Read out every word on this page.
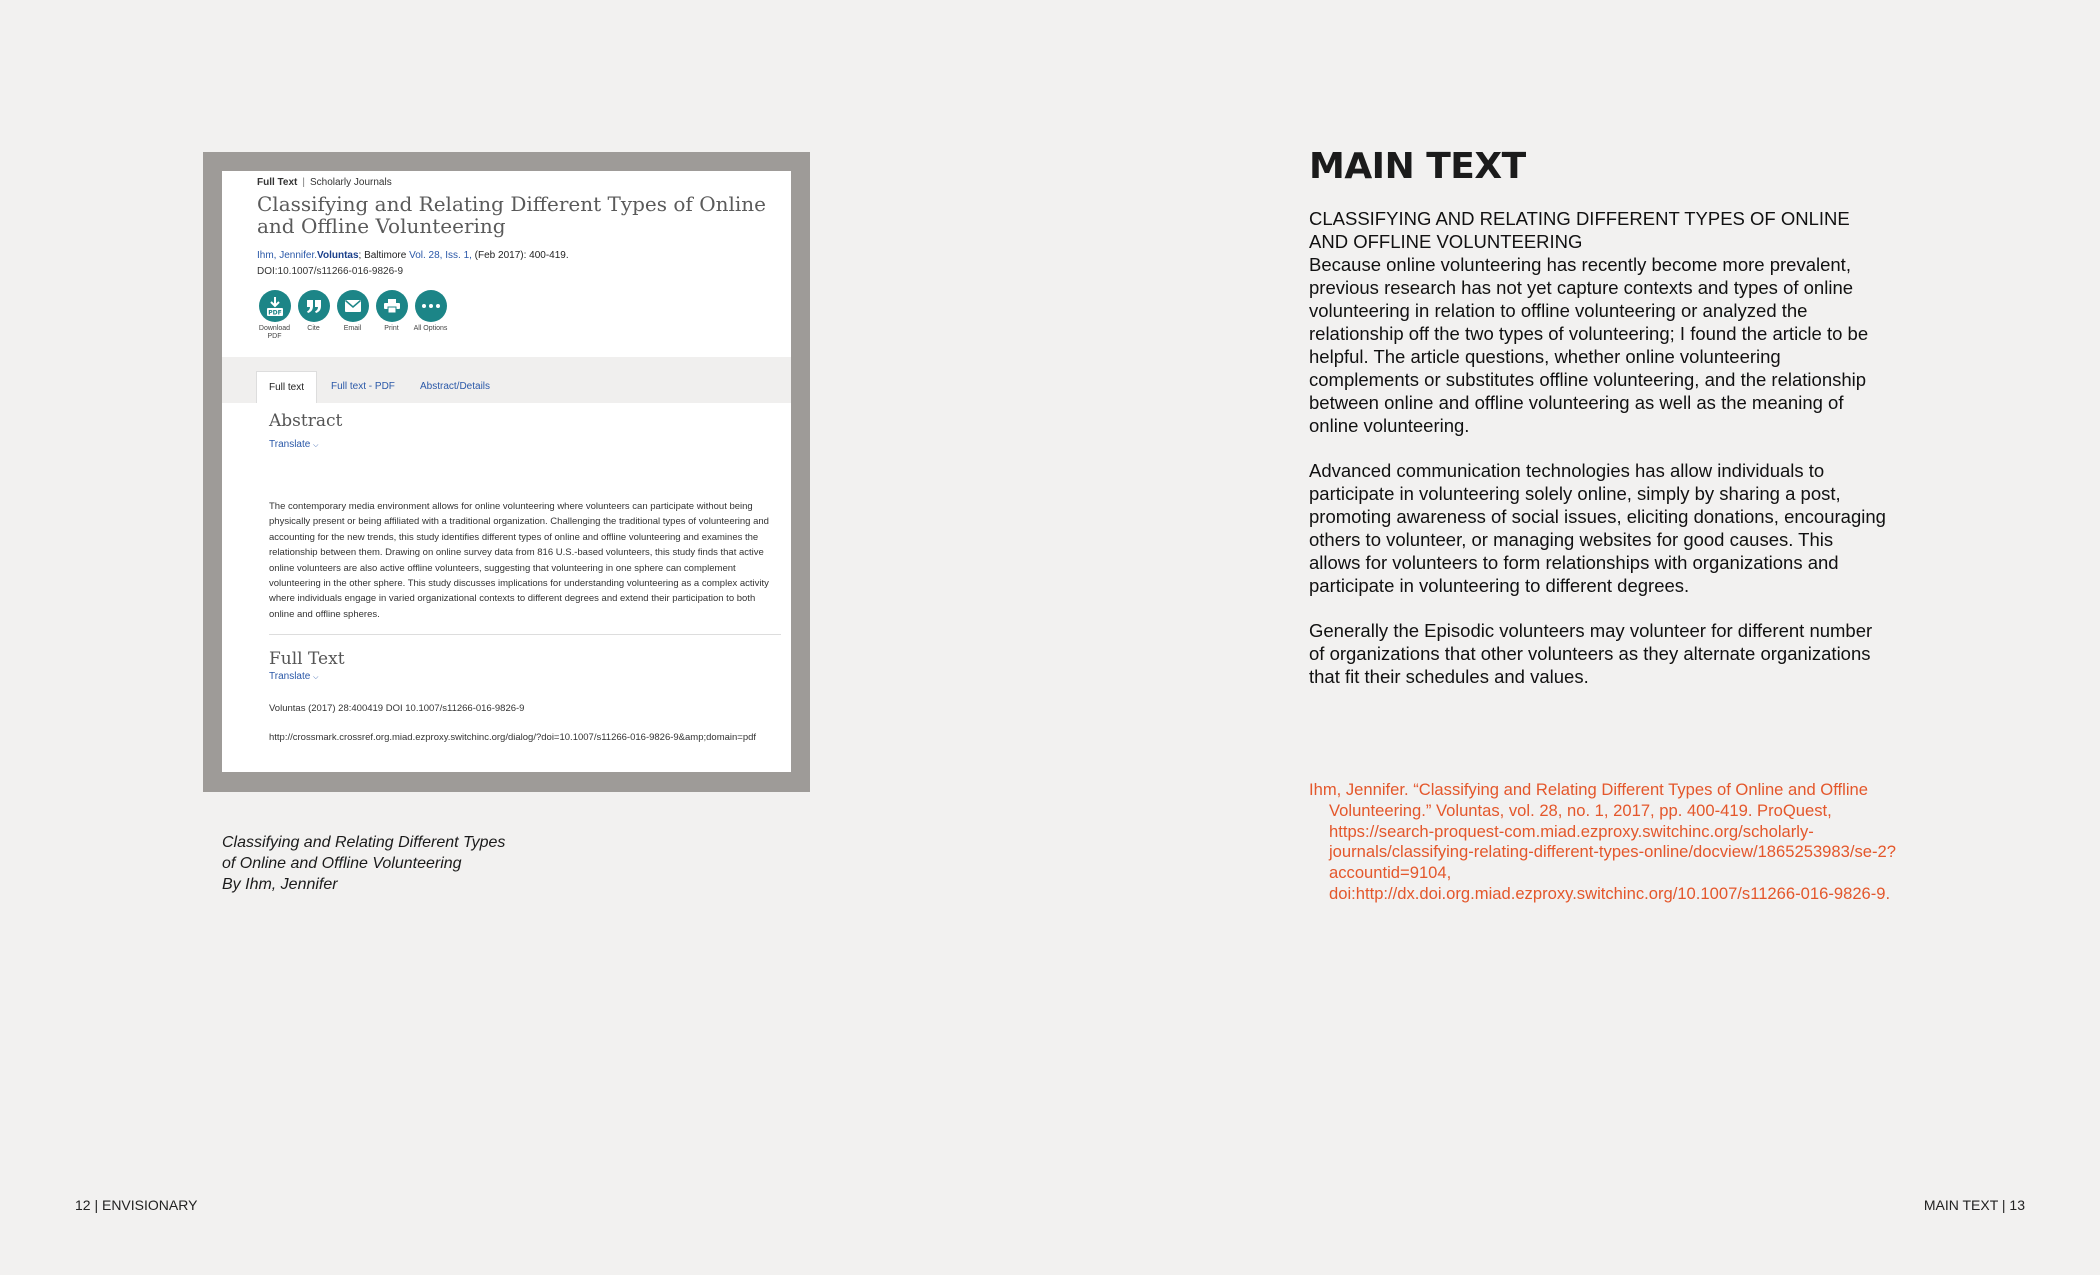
Full Text | Scholarly Journals
Classifying and Relating Different Types of Online and Offline Volunteering
Ihm, Jennifer.Voluntas; Baltimore Vol. 28, Iss. 1, (Feb 2017): 400-419.
DOI:10.1007/s11266-016-9826-9
PDF
Download PDF
Cite	Email	Print	All Options
Full text	Full text - PDF	Abstract/Details
Abstract
Translate ⌵
The contemporary media environment allows for online volunteering where volunteers can participate without being physically present or being affiliated with a traditional organization. Challenging the traditional types of volunteering and accounting for the new trends, this study identifies different types of online and offline volunteering and examines the relationship between them. Drawing on online survey data from 816 U.S.-based volunteers, this study finds that active online volunteers are also active offline volunteers, suggesting that volunteering in one sphere can complement volunteering in the other sphere. This study discusses implications for understanding volunteering as a complex activity where individuals engage in varied organizational contexts to different degrees and extend their participation to both online and offline spheres.
Full Text
Translate ⌵
Voluntas (2017) 28:400419 DOI 10.1007/s11266-016-9826-9
http://crossmark.crossref.org.miad.ezproxy.switchinc.org/dialog/?doi=10.1007/s11266-016-9826-9&amp;domain=pdf
Classifying and Relating Different Types
of Online and Offline Volunteering
By Ihm, Jennifer
MAIN TEXT
CLASSIFYING AND RELATING DIFFERENT TYPES OF ONLINE AND OFFLINE VOLUNTEERING
Because online volunteering has recently become more prevalent, previous research has not yet capture contexts and types of online volunteering in relation to offline volunteering or analyzed the relationship off the two types of volunteering; I found the article to be helpful. The article questions, whether online volunteering complements or substitutes offline volunteering, and the relationship between online and offline volunteering as well as the meaning of online volunteering.
Advanced communication technologies has allow individuals to participate in volunteering solely online, simply by sharing a post, promoting awareness of social issues, eliciting donations, encouraging others to volunteer, or managing websites for good causes. This allows for volunteers to form relationships with organizations and participate in volunteering to different degrees.
Generally the Episodic volunteers may volunteer for different number of organizations that other volunteers as they alternate organizations that fit their schedules and values.
Ihm, Jennifer. “Classifying and Relating Different Types of Online and Offline Volunteering.” Voluntas, vol. 28, no. 1, 2017, pp. 400-419. ProQuest, https://search-proquest-com.miad.ezproxy.switchinc.org/scholarly-journals/classifying-relating-different-types-online/docview/1865253983/se-2?accountid=9104, doi:http://dx.doi.org.miad.ezproxy.switchinc.org/10.1007/s11266-016-9826-9.
12 | ENVISIONARY	MAIN TEXT | 13
